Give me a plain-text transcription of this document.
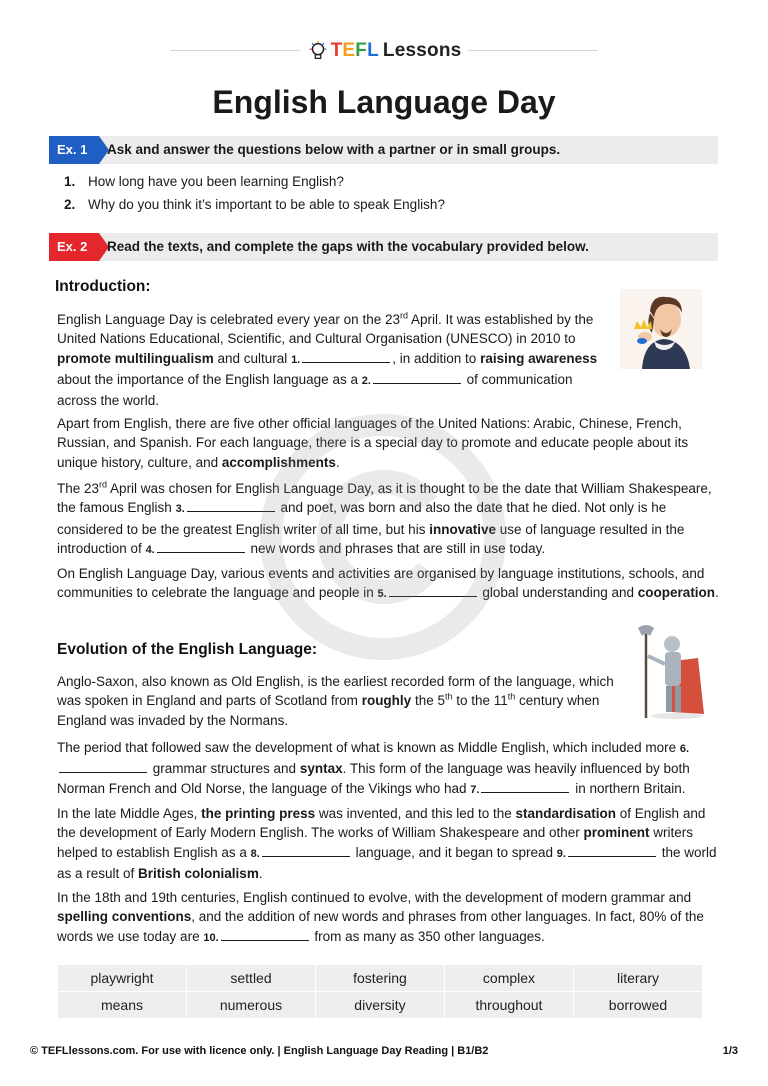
TEFL Lessons
English Language Day
Ex. 1	Ask and answer the questions below with a partner or in small groups.
1. How long have you been learning English?
2. Why do you think it’s important to be able to speak English?
Ex. 2	Read the texts, and complete the gaps with the vocabulary provided below.
Introduction:
English Language Day is celebrated every year on the 23rd April. It was established by the United Nations Educational, Scientific, and Cultural Organisation (UNESCO) in 2010 to promote multilingualism and cultural 1.	, in addition to raising awareness about the importance of the English language as a 2.	of communication across the world.
Apart from English, there are five other official languages of the United Nations: Arabic, Chinese, French, Russian, and Spanish. For each language, there is a special day to promote and educate people about its unique history, culture, and accomplishments.
The 23rd April was chosen for English Language Day, as it is thought to be the date that William Shakespeare, the famous English 3.	and poet, was born and also the date that he died. Not only is he considered to be the greatest English writer of all time, but his innovative use of language resulted in the introduction of 4.	new words and phrases that are still in use today.
On English Language Day, various events and activities are organised by language institutions, schools, and communities to celebrate the language and people in 5.	global understanding and cooperation.
Evolution of the English Language:
Anglo-Saxon, also known as Old English, is the earliest recorded form of the language, which was spoken in England and parts of Scotland from roughly the 5th to the 11th century when England was invaded by the Normans.
The period that followed saw the development of what is known as Middle English, which included more 6. grammar structures and syntax. This form of the language was heavily influenced by both Norman French and Old Norse, the language of the Vikings who had 7.	in northern Britain.
In the late Middle Ages, the printing press was invented, and this led to the standardisation of English and the development of Early Modern English. The works of William Shakespeare and other prominent writers helped to establish English as a 8.	language, and it began to spread 9.	the world as a result of British colonialism.
In the 18th and 19th centuries, English continued to evolve, with the development of modern grammar and spelling conventions, and the addition of new words and phrases from other languages. In fact, 80% of the words we use today are 10.	from as many as 350 other languages.
playwright	settled	fostering	complex	literary
means	numerous	diversity	throughout	borrowed
© TEFLlessons.com. For use with licence only. | English Language Day Reading | B1/B2	1/3
